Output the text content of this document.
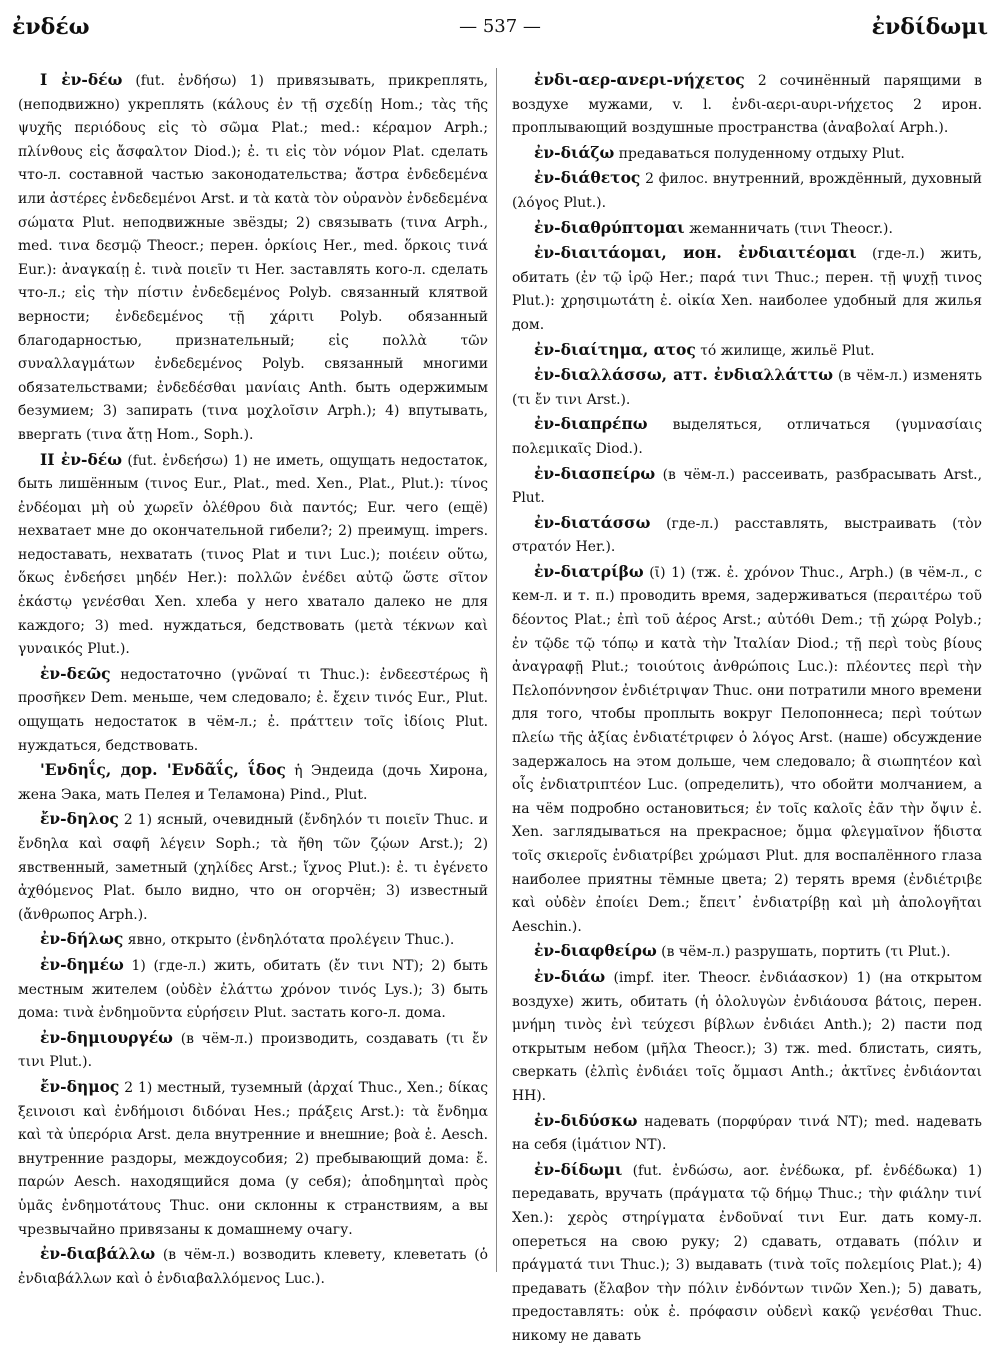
ἐνδέω	— 537 —	ἐνδίδωμι

I ἐν-δέω (fut. ἐνδήσω) 1) привязывать, прикреплять, (неподвижно) укреплять (κάλους ἐν τῇ σχεδίῃ Hom.; τὰς τῆς ψυχῆς περιόδους εἰς τὸ σῶμα Plat.; med.: κέραμον Arph.; πλίνθους εἰς ἄσφαλτον Diod.); ἐ. τι εἰς τὸν νόμον Plat. сделать что-л. составной частью законодательства; ἄστρα ἐνδεδεμένα или ἀστέρες ἐνδεδεμένοι Arst. и τὰ κατὰ τὸν οὐρανὸν ἐνδεδεμένα σώματα Plut. неподвижные звёзды; 2) связывать (τινα Arph., med. τινα δεσμῷ Theocr.; перен. ὁρκίοις Her., med. ὅρκοις τινά Eur.): ἀναγκαίῃ ἐ. τινὰ ποιεῖν τι Her. заставлять кого-л. сделать что-л.; εἰς τὴν πίστιν ἐνδεδεμένος Polyb. связанный клятвой верности; ἐνδεδεμένος τῇ χάριτι Polyb. обязанный благодарностью, признательный; εἰς πολλὰ τῶν συναλλαγμάτων ἐνδεδεμένος Polyb. связанный многими обязательствами; ἐνδεδέσθαι μανίαις Anth. быть одержимым безумием; 3) запирать (τινα μοχλοῖσιν Arph.); 4) впутывать, ввергать (τινα ἄτῃ Hom., Soph.).

II ἐν-δέω (fut. ἐνδεήσω) 1) не иметь, ощущать недостаток, быть лишённым (τινος Eur., Plat., med. Xen., Plat., Plut.): τίνος ἐνδέομαι μὴ οὐ χωρεῖν ὀλέθρου διὰ παντός; Eur. чего (ещё) нехватает мне до окончательной гибели?; 2) преимущ. impers. недоставать, нехватать (τινος Plat и τινι Luc.); ποιέειν οὕτω, ὅκως ἐνδεήσει μηδέν Her.): πολλῶν ἐνέδει αὐτῷ ὥστε σῖτον ἑκάστῳ γενέσθαι Xen. хлеба у него хватало далеко не для каждого; 3) med. нуждаться, бедствовать (μετὰ τέκνων καὶ γυναικός Plut.).

ἐν-δεῶς недостаточно (γνῶναί τι Thuc.): ἐνδεεστέρως ἢ προσῆκεν Dem. меньше, чем следовало; ἐ. ἔχειν τινός Eur., Plut. ощущать недостаток в чём-л.; ἐ. πράττειν τοῖς ἰδίοις Plut. нуждаться, бедствовать.

'Ενδηΐς, дор. 'Ενδᾶΐς, ΐδος ἡ Эндеида (дочь Хирона, жена Эака, мать Пелея и Теламона) Pind., Plut.

ἔν-δηλος 2 1) ясный, очевидный (ἔνδηλόν τι ποιεῖν Thuc. и ἔνδηλα καὶ σαφῆ λέγειν Soph.; τὰ ἤθη τῶν ζῴων Arst.); 2) явственный, заметный (χηλίδες Arst.; ἴχνος Plut.): ἐ. τι ἐγένετο ἀχθόμενος Plat. было видно, что он огорчён; 3) известный (ἄνθρωπος Arph.).

ἐν-δήλως явно, открыто (ἐνδηλότατα προλέγειν Thuc.).

ἐν-δημέω 1) (где-л.) жить, обитать (ἔν τινι NT); 2) быть местным жителем (οὐδὲν ἐλάττω χρόνον τινός Lys.); 3) быть дома: τινὰ ἐνδημοῦντα εὑρήσειν Plut. застать кого-л. дома.

ἐν-δημιουργέω (в чём-л.) производить, создавать (τι ἔν τινι Plut.).

ἔν-δημος 2 1) местный, туземный (ἀρχαί Thuc., Xen.; δίκας ξεινοισι καὶ ἐνδήμοισι διδόναι Hes.; πράξεις Arst.): τὰ ἔνδημα καὶ τὰ ὑπερόρια Arst. дела внутренние и внешние; βοὰ ἐ. Aesch. внутренние раздоры, междоусобия; 2) пребывающий дома: ἔ. παρών Aesch. находящийся дома (у себя); ἀποδημηταὶ πρὸς ὑμᾶς ἐνδημοτάτους Thuc. они склонны к странствиям, а вы чрезвычайно привязаны к домашнему очагу.

ἐν-διαβάλλω (в чём-л.) возводить клевету, клеветать (ὁ ἐνδιαβάλλων καὶ ὁ ἐνδιαβαλλόμενος Luc.).

ἐνδι-αερ-ανερι-νήχετος 2 сочинённый парящими в воздухе мужами, v. l. ἐνδι-αερι-αυρι-νήχετος 2 ирон. проплывающий воздушные пространства (ἀναβολαί Arph.).

ἐν-διάζω предаваться полуденному отдыху Plut.

ἐν-διάθετος 2 филос. внутренний, врождённый, духовный (λόγος Plut.).

ἐν-διαθρύπτομαι жеманничать (τινι Theocr.).

ἐν-διαιτάομαι, ион. ἐνδιαιτέομαι (где-л.) жить, обитать (ἐν τῷ ἱρῷ Her.; παρά τινι Thuc.; перен. τῇ ψυχῇ τινος Plut.): χρησιμωτάτη ἐ. οἰκία Xen. наиболее удобный для жилья дом.

ἐν-διαίτημα, ατος τό жилище, жильё Plut.

ἐν-διαλλάσσω, атт. ἐνδιαλλάττω (в чём-л.) изменять (τι ἔν τινι Arst.).

ἐν-διαπρέπω выделяться, отличаться (γυμνασίαις πολεμικαῖς Diod.).

ἐν-διασπείρω (в чём-л.) рассеивать, разбрасывать Arst., Plut.

ἐν-διατάσσω (где-л.) расставлять, выстраивать (τὸν στρατόν Her.).

ἐν-διατρίβω (ῑ) 1) (тж. ἐ. χρόνον Thuc., Arph.) (в чём-л., с кем-л. и т. п.) проводить время, задерживаться (περαιτέρω τοῦ δέοντος Plat.; ἐπὶ τοῦ ἀέρος Arst.; αὐτόθι Dem.; τῇ χώρᾳ Polyb.; ἐν τῷδε τῷ τόπῳ и κατὰ τὴν Ἰταλίαν Diod.; τῇ περὶ τοὺς βίους ἀναγραφῇ Plut.; τοιούτοις ἀνθρώποις Luc.): πλέοντες περὶ τὴν Πελοπόννησον ἐνδιέτριψαν Thuc. они потратили много времени для того, чтобы проплыть вокруг Пелопоннеса; περὶ τούτων πλείω τῆς ἀξίας ἐνδιατέτριφεν ὁ λόγος Arst. (наше) обсуждение задержалось на этом дольше, чем следовало; ἃ σιωπητέον καὶ οἷς ἐνδιατριπτέον Luc. (определить), что обойти молчанием, а на чём подробно остановиться; ἐν τοῖς καλοῖς ἐᾶν τὴν ὄψιν ἐ. Xen. заглядываться на прекрасное; ὄμμα φλεγμαῖνον ἥδιστα τοῖς σκιεροῖς ἐνδιατρίβει χρώμασι Plut. для воспалённого глаза наиболее приятны тёмные цвета; 2) терять время (ἐνδιέτριβε καὶ οὐδὲν ἐποίει Dem.; ἔπειτ᾽ ἐνδιατρίβῃ καὶ μὴ ἀπολογῆται Aeschin.).

ἐν-διαφθείρω (в чём-л.) разрушать, портить (τι Plut.).

ἐν-διάω (impf. iter. Theocr. ἐνδιάασκον) 1) (на открытом воздухе) жить, обитать (ἡ ὀλολυγὼν ἐνδιάουσα βάτοις, перен. μνήμη τινὸς ἐνὶ τεύχεσι βίβλων ἐνδιάει Anth.); 2) пасти под открытым небом (μῆλα Theocr.); 3) тж. med. блистать, сиять, сверкать (ἐλπὶς ἐνδιάει τοῖς ὄμμασι Anth.; ἀκτῖνες ἐνδιάονται HH).

ἐν-διδύσκω надевать (πορφύραν τινά NT); med. надевать на себя (ἱμάτιον NT).

ἐν-δίδωμι (fut. ἐνδώσω, aor. ἐνέδωκα, pf. ἐνδέδωκα) 1) передавать, вручать (πράγματα τῷ δήμῳ Thuc.; τὴν φιάλην τινί Xen.): χερὸς στηρίγματα ἐνδοῦναί τινι Eur. дать кому-л. опереться на свою руку; 2) сдавать, отдавать (πόλιν и πράγματά τινι Thuc.); 3) выдавать (τινὰ τοῖς πολεμίοις Plat.); 4) предавать (ἔλαβον τὴν πόλιν ἐνδόντων τινῶν Xen.); 5) давать, предоставлять: οὐκ ἐ. πρόφασιν οὐδενὶ κακῷ γενέσθαι Thuc. никому не давать
